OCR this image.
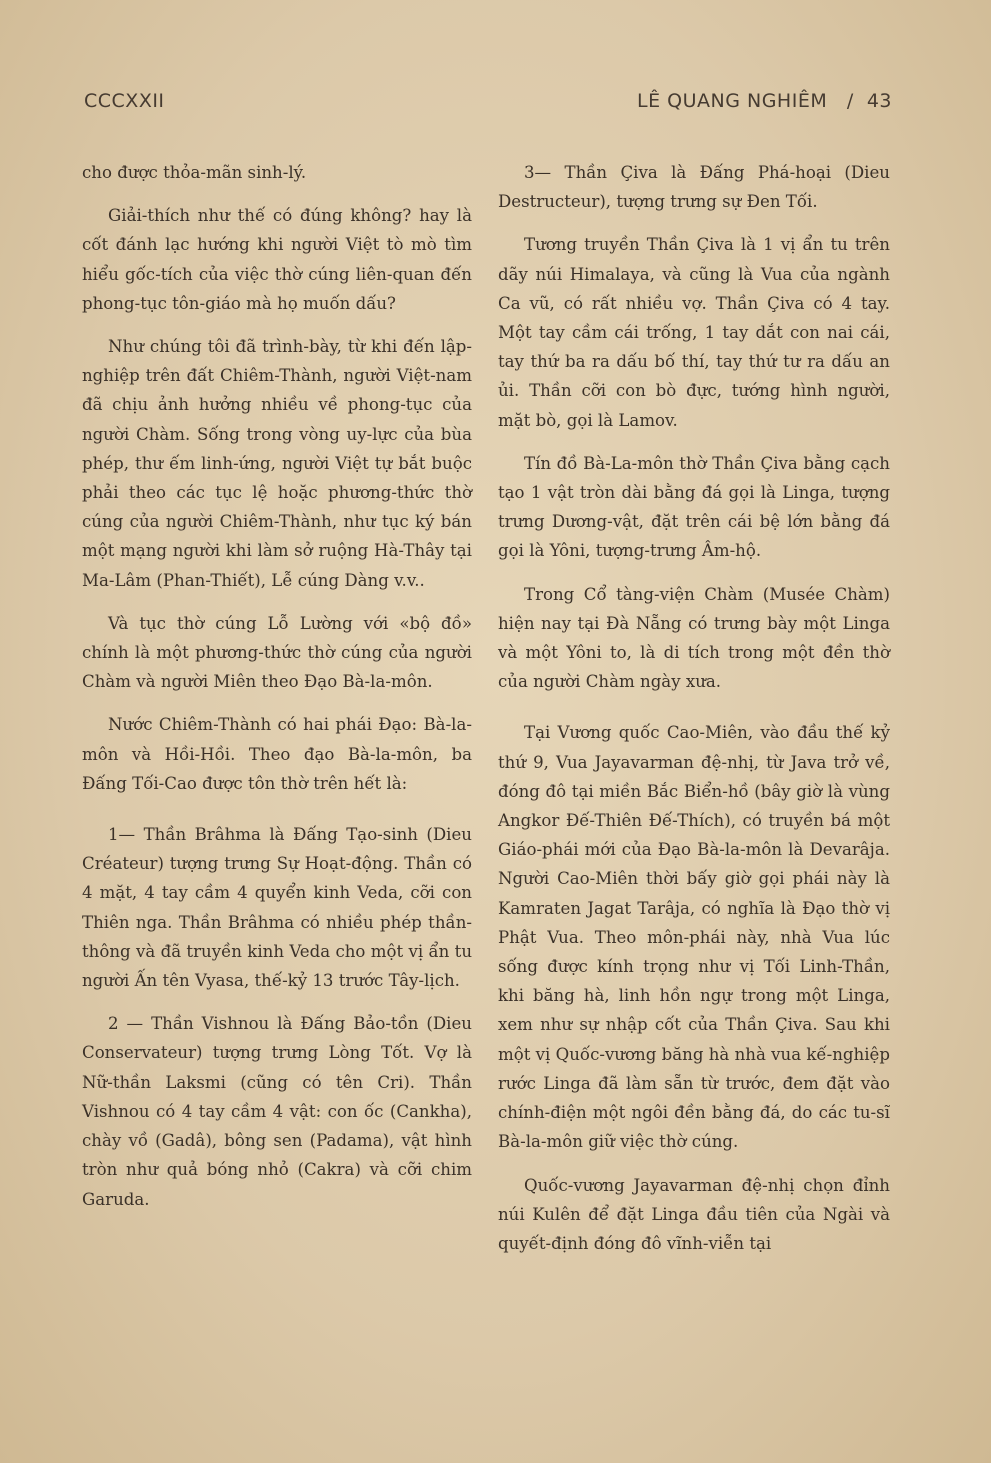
CCCXXII	LÊ QUANG NGHIÊM   /  43

cho được thỏa-mãn sinh-lý.

Giải-thích như thế có đúng không? hay là cốt đánh lạc hướng khi người Việt tò mò tìm hiểu gốc-tích của việc thờ cúng liên-quan đến phong-tục tôn-giáo mà họ muốn dấu?

Như chúng tôi đã trình-bày, từ khi đến lập-nghiệp trên đất Chiêm-Thành, người Việt-nam đã chịu ảnh hưởng nhiều về phong-tục của người Chàm. Sống trong vòng uy-lực của bùa phép, thư ếm linh-ứng, người Việt tự bắt buộc phải theo các tục lệ hoặc phương-thức thờ cúng của người Chiêm-Thành, như tục ký bán một mạng người khi làm sở ruộng Hà-Thây tại Ma-Lâm (Phan-Thiết), Lễ cúng Dàng v.v..

Và tục thờ cúng Lỗ Lường với «bộ đồ» chính là một phương-thức thờ cúng của người Chàm và người Miên theo Đạo Bà-la-môn.

Nước Chiêm-Thành có hai phái Đạo: Bà-la-môn và Hồi-Hồi. Theo đạo Bà-la-môn, ba Đấng Tối-Cao được tôn thờ trên hết là:

1— Thần Brâhma là Đấng Tạo-sinh (Dieu Créateur) tượng trưng Sự Hoạt-động. Thần có 4 mặt, 4 tay cầm 4 quyển kinh Veda, cỡi con Thiên nga. Thần Brâhma có nhiều phép thần-thông và đã truyền kinh Veda cho một vị ẩn tu người Ấn tên Vyasa, thế-kỷ 13 trước Tây-lịch.

2 — Thần Vishnou là Đấng Bảo-tồn (Dieu Conservateur) tượng trưng Lòng Tốt. Vợ là Nữ-thần Laksmi (cũng có tên Cri). Thần Vishnou có 4 tay cầm 4 vật: con ốc (Cankha), chày vồ (Gadâ), bông sen (Padama), vật hình tròn như quả bóng nhỏ (Cakra) và cỡi chim Garuda.

3— Thần Çiva là Đấng Phá-hoại (Dieu Destructeur), tượng trưng sự Đen Tối.

Tương truyền Thần Çiva là 1 vị ẩn tu trên dãy núi Himalaya, và cũng là Vua của ngành Ca vũ, có rất nhiều vợ. Thần Çiva có 4 tay. Một tay cầm cái trống, 1 tay dắt con nai cái, tay thứ ba ra dấu bố thí, tay thứ tư ra dấu an ủi. Thần cỡi con bò đực, tướng hình người, mặt bò, gọi là Lamov.

Tín đồ Bà-La-môn thờ Thần Çiva bằng cạch tạo 1 vật tròn dài bằng đá gọi là Linga, tượng trưng Dương-vật, đặt trên cái bệ lớn bằng đá gọi là Yôni, tượng-trưng Âm-hộ.

Trong Cổ tàng-viện Chàm (Musée Chàm) hiện nay tại Đà Nẵng có trưng bày một Linga và một Yôni to, là di tích trong một đền thờ của người Chàm ngày xưa.

Tại Vương quốc Cao-Miên, vào đầu thế kỷ thứ 9, Vua Jayavarman đệ-nhị, từ Java trở về, đóng đô tại miền Bắc Biển-hồ (bây giờ là vùng Angkor Đế-Thiên Đế-Thích), có truyền bá một Giáo-phái mới của Đạo Bà-la-môn là Devarâja. Người Cao-Miên thời bấy giờ gọi phái này là Kamraten Jagat Tarâja, có nghĩa là Đạo thờ vị Phật Vua. Theo môn-phái này, nhà Vua lúc sống được kính trọng như vị Tối Linh-Thần, khi băng hà, linh hồn ngự trong một Linga, xem như sự nhập cốt của Thần Çiva. Sau khi một vị Quốc-vương băng hà nhà vua kế-nghiệp rước Linga đã làm sẵn từ trước, đem đặt vào chính-điện một ngôi đền bằng đá, do các tu-sĩ Bà-la-môn giữ việc thờ cúng.

Quốc-vương Jayavarman đệ-nhị chọn đỉnh núi Kulên để đặt Linga đầu tiên của Ngài và quyết-định đóng đô vĩnh-viễn tại
